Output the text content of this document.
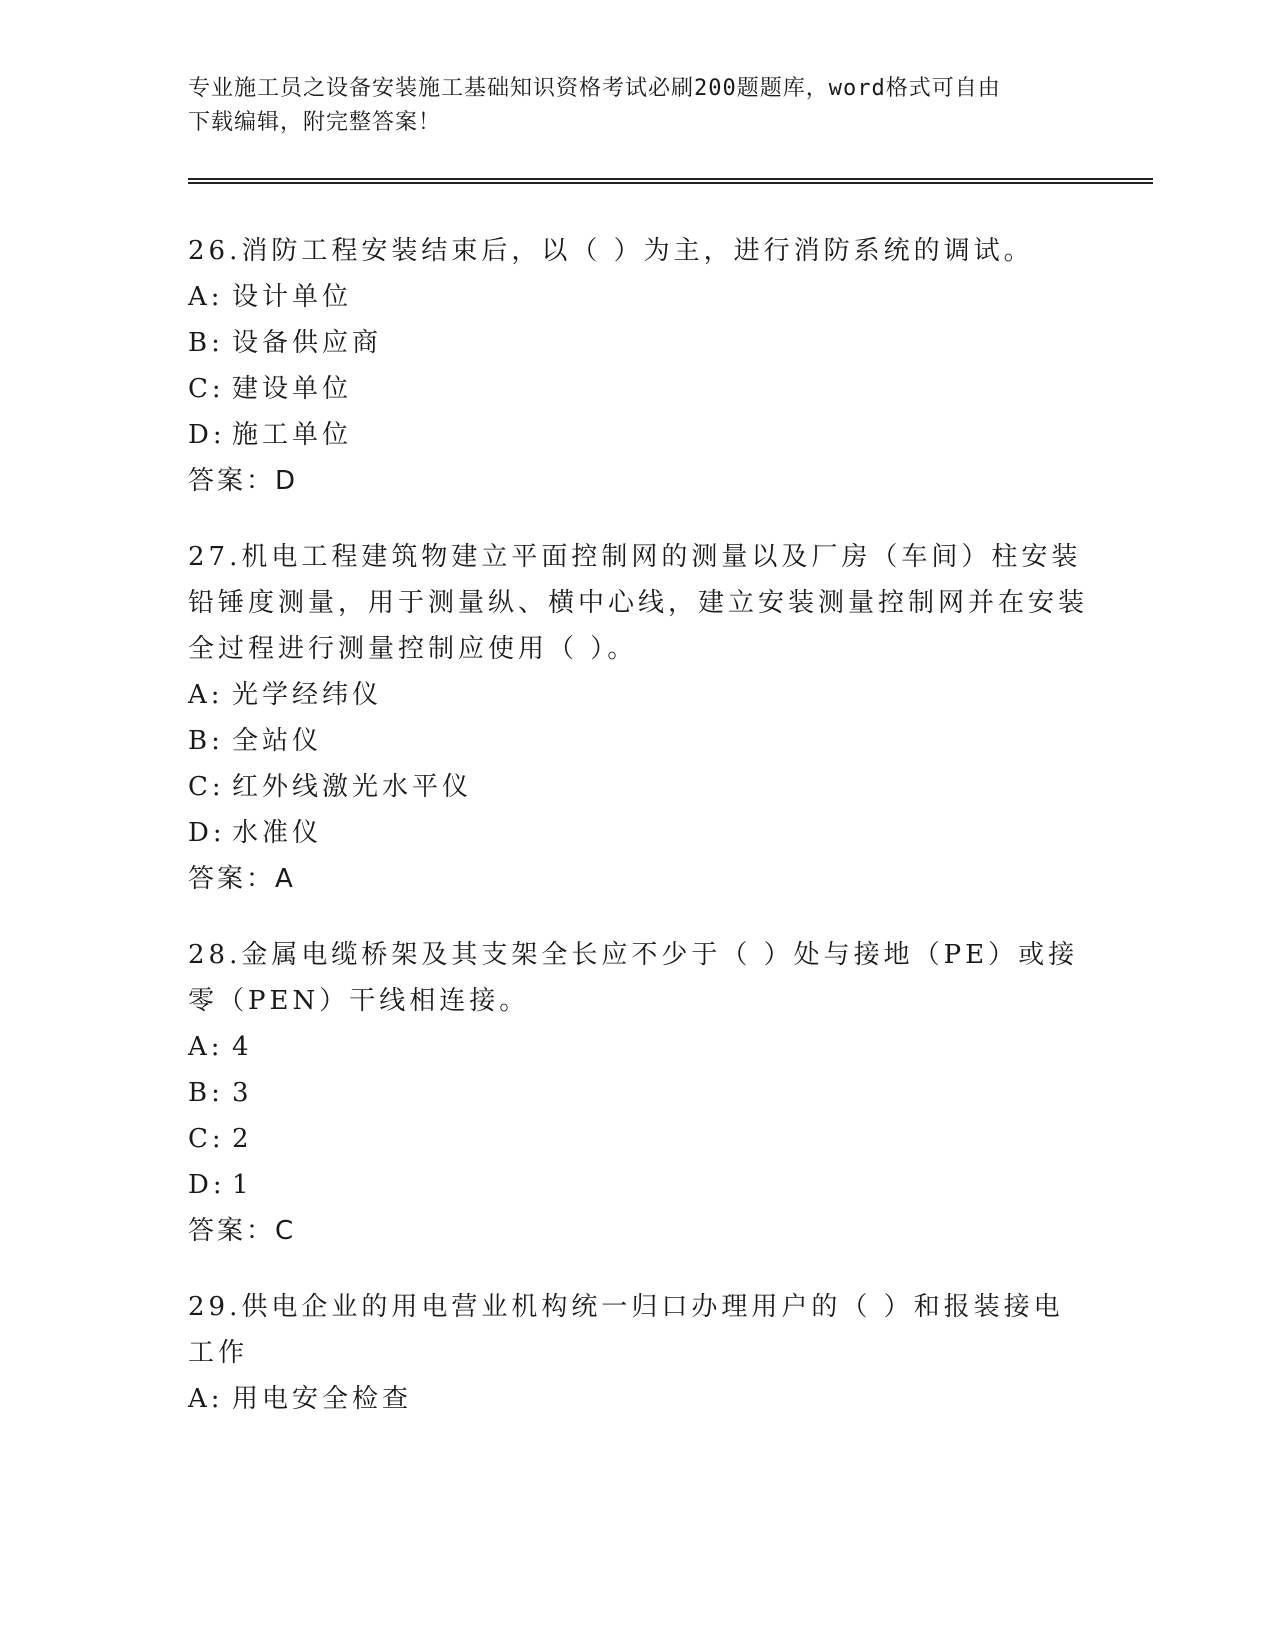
专业施工员之设备安装施工基础知识资格考试必刷200题题库，word格式可自由
下载编辑，附完整答案！

26.消防工程安装结束后，以（ ）为主，进行消防系统的调试。

A: 设计单位

B: 设备供应商

C: 建设单位

D: 施工单位

答案：D

27.机电工程建筑物建立平面控制网的测量以及厂房（车间）柱安装铅锤度测量，用于测量纵、横中心线，建立安装测量控制网并在安装全过程进行测量控制应使用（ ）。

A: 光学经纬仪

B: 全站仪

C: 红外线激光水平仪

D: 水准仪

答案：A

28.金属电缆桥架及其支架全长应不少于（ ）处与接地（PE）或接零（PEN）干线相连接。

A: 4

B: 3

C: 2

D: 1

答案：C

29.供电企业的用电营业机构统一归口办理用户的（ ）和报装接电工作

A: 用电安全检查
